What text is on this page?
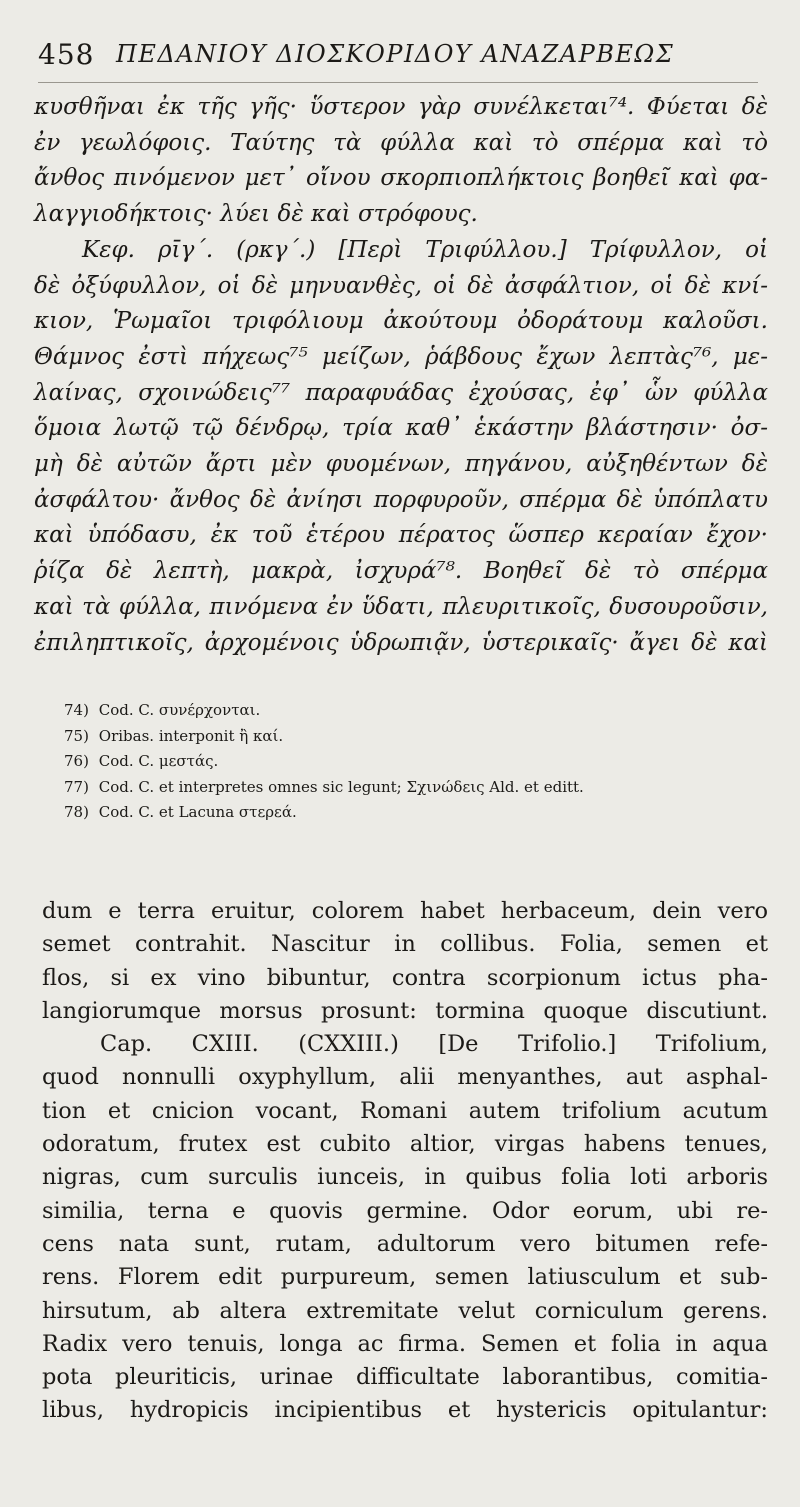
458 ΠΕΔΑΝΙΟΥ ΔΙΟΣΚΟΡΙΔΟΥ ΑΝΑΖΑΡΒΕΩΣ
κυσθῆναι ἐκ τῆς γῆς· ὕστερον γὰρ συνέλκεται⁷⁴. Φύεται δὲ
ἐν γεωλόφοις. Ταύτης τὰ φύλλα καὶ τὸ σπέρμα καὶ τὸ
ἄνθος πινόμενον μετ᾽ οἴνου σκορπιοπλήκτοις βοηθεῖ καὶ φα-
λαγγιοδήκτοις· λύει δὲ καὶ στρόφους.
Κεφ. ρῑγ΄. (ρκγ΄.) [Περὶ Τριφύλλου.] Τρίφυλλον, οἱ
δὲ ὀξύφυλλον, οἱ δὲ μηνυανθὲς, οἱ δὲ ἀσφάλτιον, οἱ δὲ κνί-
κιον, Ῥωμαῖοι τριφόλιουμ ἀκούτουμ ὀδοράτουμ καλοῦσι.
Θάμνος ἐστὶ πήχεως⁷⁵ μείζων, ῥάβδους ἔχων λεπτὰς⁷⁶, με-
λαίνας, σχοινώδεις⁷⁷ παραφυάδας ἐχούσας, ἐφ᾽ ὧν φύλλα
ὅμοια λωτῷ τῷ δένδρῳ, τρία καθ᾽ ἑκάστην βλάστησιν· ὀσ-
μὴ δὲ αὐτῶν ἄρτι μὲν φυομένων, πηγάνου, αὐξηθέντων δὲ
ἀσφάλτου· ἄνθος δὲ ἀνίησι πορφυροῦν, σπέρμα δὲ ὑπόπλατυ
καὶ ὑπόδασυ, ἐκ τοῦ ἑτέρου πέρατος ὥσπερ κεραίαν ἔχον·
ῥίζα δὲ λεπτὴ, μακρὰ, ἰσχυρά⁷⁸. Βοηθεῖ δὲ τὸ σπέρμα
καὶ τὰ φύλλα, πινόμενα ἐν ὕδατι, πλευριτικοῖς, δυσουροῦσιν,
ἐπιληπτικοῖς, ἀρχομένοις ὑδρωπιᾷν, ὑστερικαῖς· ἄγει δὲ καὶ
74) Cod. C. συνέρχονται.
75) Oribas. interponit ἢ καί.
76) Cod. C. μεστάς.
77) Cod. C. et interpretes omnes sic legunt; Σχινώδεις Ald. et editt.
78) Cod. C. et Lacuna στερεά.
dum e terra eruitur, colorem habet herbaceum, dein vero
semet contrahit. Nascitur in collibus. Folia, semen et
flos, si ex vino bibuntur, contra scorpionum ictus pha-
langiorumque morsus prosunt: tormina quoque discutiunt.
Cap. CXIII. (CXXIII.) [De Trifolio.] Trifolium,
quod nonnulli oxyphyllum, alii menyanthes, aut asphal-
tion et cnicion vocant, Romani autem trifolium acutum
odoratum, frutex est cubito altior, virgas habens tenues,
nigras, cum surculis iunceis, in quibus folia loti arboris
similia, terna e quovis germine. Odor eorum, ubi re-
cens nata sunt, rutam, adultorum vero bitumen refe-
rens. Florem edit purpureum, semen latiusculum et sub-
hirsutum, ab altera extremitate velut corniculum gerens.
Radix vero tenuis, longa ac firma. Semen et folia in aqua
pota pleuriticis, urinae difficultate laborantibus, comitia-
libus, hydropicis incipientibus et hystericis opitulantur:
